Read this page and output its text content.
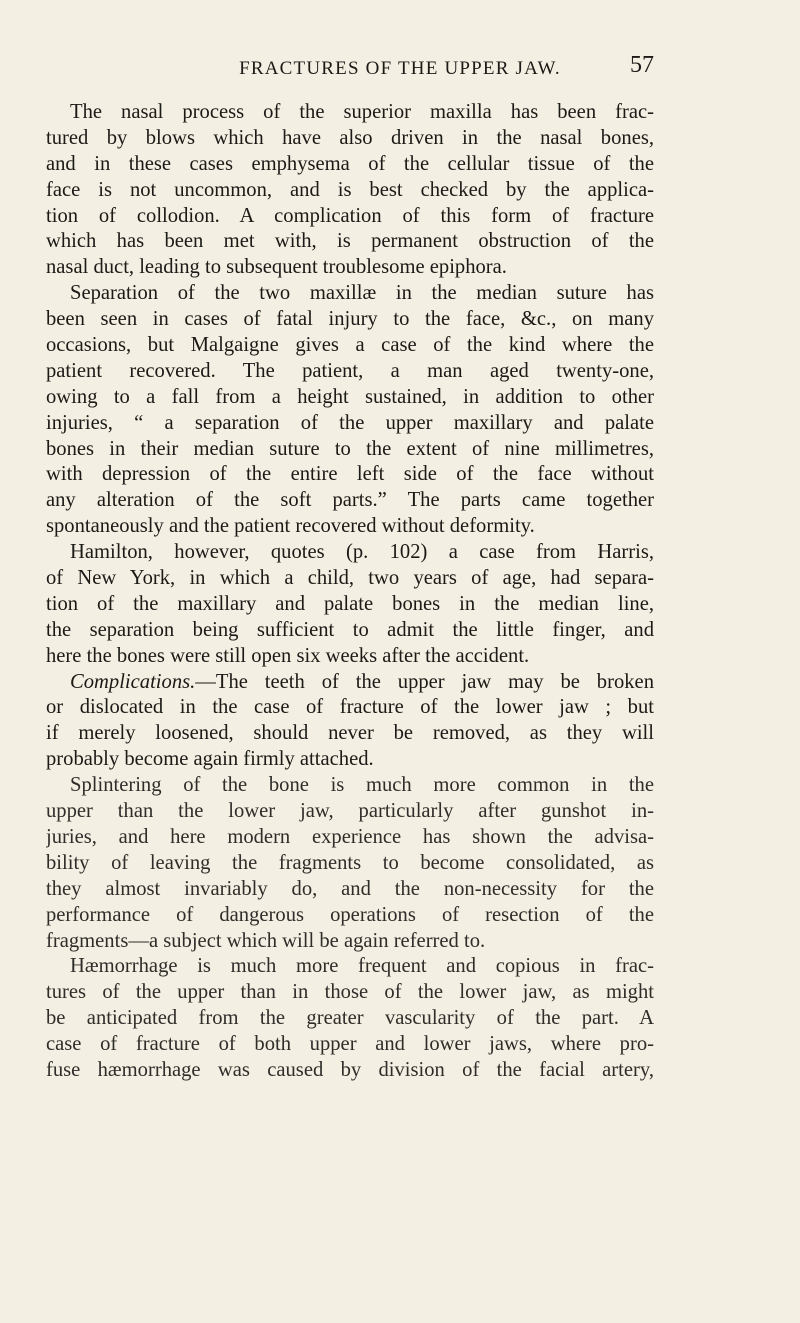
FRACTURES OF THE UPPER JAW.	57
The nasal process of the superior maxilla has been frac-
tured by blows which have also driven in the nasal bones,
and in these cases emphysema of the cellular tissue of the
face is not uncommon, and is best checked by the applica-
tion of collodion. A complication of this form of fracture
which has been met with, is permanent obstruction of the
nasal duct, leading to subsequent troublesome epiphora.
Separation of the two maxillæ in the median suture has
been seen in cases of fatal injury to the face, &c., on many
occasions, but Malgaigne gives a case of the kind where the
patient recovered. The patient, a man aged twenty-one,
owing to a fall from a height sustained, in addition to other
injuries, “ a separation of the upper maxillary and palate
bones in their median suture to the extent of nine millimetres,
with depression of the entire left side of the face without
any alteration of the soft parts.” The parts came together
spontaneously and the patient recovered without deformity.
Hamilton, however, quotes (p. 102) a case from Harris,
of New York, in which a child, two years of age, had separa-
tion of the maxillary and palate bones in the median line,
the separation being sufficient to admit the little finger, and
here the bones were still open six weeks after the accident.
Complications.—The teeth of the upper jaw may be broken
or dislocated in the case of fracture of the lower jaw ; but
if merely loosened, should never be removed, as they will
probably become again firmly attached.
Splintering of the bone is much more common in the
upper than the lower jaw, particularly after gunshot in-
juries, and here modern experience has shown the advisa-
bility of leaving the fragments to become consolidated, as
they almost invariably do, and the non-necessity for the
performance of dangerous operations of resection of the
fragments—a subject which will be again referred to.
Hæmorrhage is much more frequent and copious in frac-
tures of the upper than in those of the lower jaw, as might
be anticipated from the greater vascularity of the part. A
case of fracture of both upper and lower jaws, where pro-
fuse hæmorrhage was caused by division of the facial artery,
